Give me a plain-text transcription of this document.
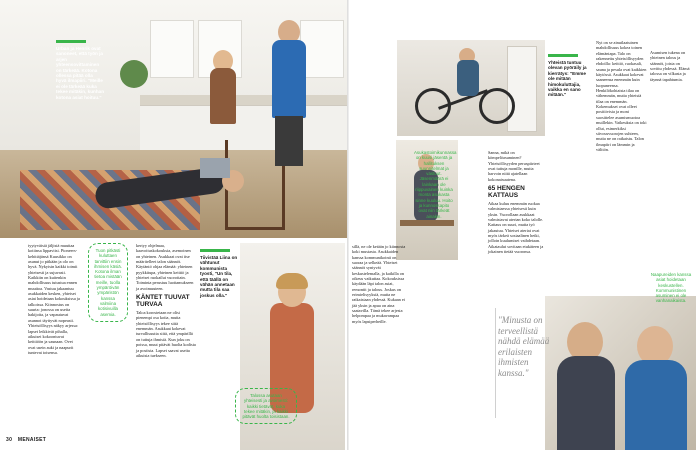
Urban ja Henrik ovat sanoneet, että työn ja arjen yhteensovittaminen on tärkeää. Kotona ollessa pitää olla hyvä ilmapiiri. "Meille ei ole tärkeää kuka tekee mitäkin, kunhan kotona asiat hoituu."
Yhteistä tuntuu olevan pyöräily ja kierrätys: "Emme ole mitään himokuluttajia, vaikka en sano mitään."
Tiivistää Liina on vähtunut kommunista tyosti, "Un tila, että täällä on vähän annetaan mutta tila saa joskus olla."
Tuon pitkästi kuluttaen tarvittiin ensin ihmisen käsiä. Kotona ilman tietoa mistään meille, tuolla ympäröivän ympäristön kanssa valmiina kotisivuilla asemia.
Asukastoimikunnassa on kuusi jäsentä ja hallituksen suunnitelmat ja vastuut. Jäsenmäärä ei lainkaan ole riippuvainen kuinka monta asukasta sinne kuuluu. Hoito ja kunnossapito ovat niin tärkeät ainakin.
Talossa asutaan yhteisesti ja avoimesti: kaikki tietävät, kuka tekee mitäkin, ja kaikki pitävät huolta toisistaan.
Naapureiden kanssa asiat hoidetaan keskustellen. Kommunistinen asuminen ei ole vanhanaikaista.

tyytyväisiä jäljistä muuttaa kotiinsa lippaviisi. Pioneers-kehittäjänsä Kuusikko on asunut jo pitkään ja olo on hyvä. Nykyisin kaikki toimii yhteisesti ja sujuvasti. Kaikkiin on kuitenkin mahdollisuus tutustua ennen muuttoa. Vastuu jakaantuu asukkaiden kesken, yhteiset asiat hoidetaan kokouksissa ja talkoissa. Kiinnostus on suurta: jonossa on useita hakijoita, ja vapautuvat asunnot täyttyvät nopeasti. Yhteisöllisyys näkyy arjessa: lapset leikkivät pihalla, aikuiset kokoontuvat keittiöön ja saunaan. Ovet ovat usein auki ja naapurit tuntevat toisensa.

kertyy ohjelmaa, kaavoituskokouksia, asemoinen on yhteinen. Asukkaat ovat itse määritelleet talon säännöt. Käytäntö ohjaa elämää: yhteinen pyykkitupa, yhteinen keittiö ja yhteiset ruokailut vuorottain. Toiminta perustuu luottamukseen ja avoimuuteen.

KÄNTET TUUVAT TURVAA

Taloa korostetaan ne olisi pienempi osa kotia, mutta yhteisöllisyys tekee siitä enemmän. Asukkaat kokevat turvallisuutta siitä, että ympärillä on tuttuja ihmisiä. Kun joku on poissa, muut pitävät huolta kodista ja postista. Lapset saavat useita aikuisia tuekseen.

sillä, ne ole ketään jo kiinnosta koki mustasta. Asukkaiden kanssa kommunikointi on suoraa ja selkeää. Yhteiset säännöt syntyvät keskustelemalla, ja kaikilla on oikeus vaikuttaa. Kokouksissa käydään läpi talon asiat, remontit ja talous. Joskus on erimielisyyksiä, mutta ne ratkaistaan yhdessä. Kukaan ei jää yksin ja apua on aina saatavilla. Tämä tekee arjesta helpompaa ja mukavampaa myös lapsiperheille.

Sanna, mikä on kömpelöasuminen? Yhteisöllisyyden peruspiirteet ovat tuttuja monille, mutta harvoin niitä ajatellaan kokonaisuutena.

65 HENGEN KATTAUS

Aikaa kuluu enemmän ruokaa valmistaessa yhteisesti kuin yksin. Vuorollaan asukkaat valmistavat aterian koko talolle. Kattaus on suuri, mutta työ jakautuu. Yhteiset ateriat ovat myös tärkeä sosiaalinen hetki, jolloin kuulumiset vaihdetaan. Aikataulut sovitaan etukäteen ja jokainen tietää vuoronsa.

Nyt on se ainutlaatuinen mahdollisuus kokea toinen elämäntapa. Talo on rakennettu yhteisöllisyyden ehdoilla: keittiö, ruokasali, sauna ja pesula ovat kaikkien käytössä. Asukkaat kokevat saaneensa enemmän kuin luopuneensa. Henkilökohtaista tilaa on vähemmän, mutta yhteistä tilaa on enemmän. Kokemukset ovat olleet positiivisia ja moni suosittelee asumismuotoa muillekin. Vaikeuksia on toki ollut, esimerkiksi siivousvuorojen suhteen, mutta ne on ratkaistu. Talon ilmapiiri on lämmin ja välitön.

Asumisen tukena on yhteinen talous ja säännöt, joista on sovittu yhdessä. Elämä talossa on vilkasta ja täynnä tapahtumia.

"Minusta on terveellistä nähdä elämää erilaisten ihmisten kanssa."
30 MENAISET
